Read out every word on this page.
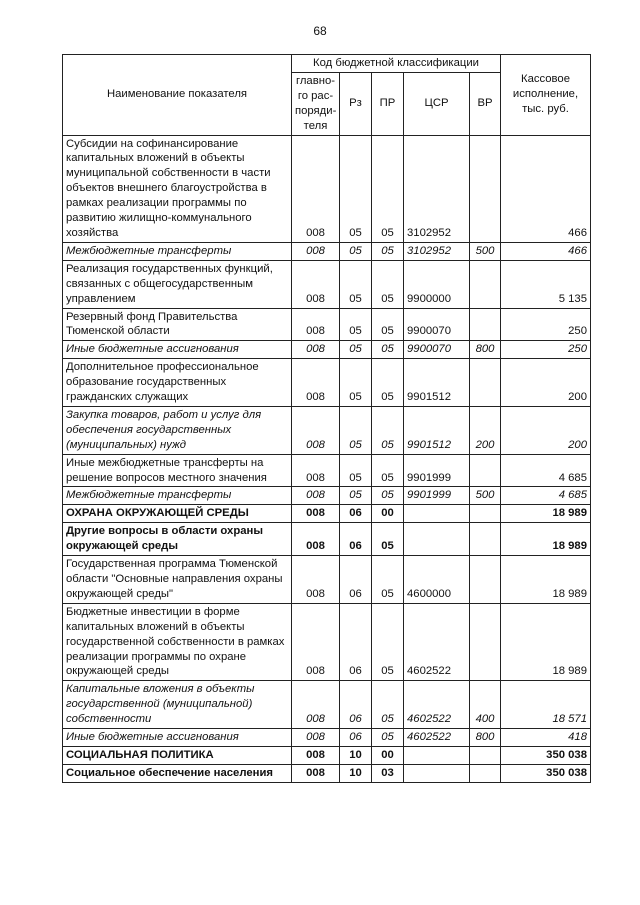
68
Наименование показателя	Код бюджетной классификации					Кассовое исполнение, тыс. руб.
	главно-го рас-поряди-теля	Рз	ПР	ЦСР	ВР	
Субсидии на софинансирование капитальных вложений в объекты муниципальной собственности в части объектов внешнего благоустройства в рамках реализации программы по развитию жилищно-коммунального хозяйства	008	05	05	3102952		466
Межбюджетные трансферты	008	05	05	3102952	500	466
Реализация государственных функций, связанных с общегосударственным управлением	008	05	05	9900000		5 135
Резервный фонд Правительства Тюменской области	008	05	05	9900070		250
Иные бюджетные ассигнования	008	05	05	9900070	800	250
Дополнительное профессиональное образование государственных гражданских служащих	008	05	05	9901512		200
Закупка товаров, работ и услуг для обеспечения государственных (муниципальных) нужд	008	05	05	9901512	200	200
Иные межбюджетные трансферты на решение вопросов местного значения	008	05	05	9901999		4 685
Межбюджетные трансферты	008	05	05	9901999	500	4 685
ОХРАНА ОКРУЖАЮЩЕЙ СРЕДЫ	008	06	00			18 989
Другие вопросы в области охраны окружающей среды	008	06	05			18 989
Государственная программа Тюменской области "Основные направления охраны окружающей среды"	008	06	05	4600000		18 989
Бюджетные инвестиции в форме капитальных вложений в объекты государственной собственности в рамках реализации программы по охране окружающей среды	008	06	05	4602522		18 989
Капитальные вложения в объекты государственной (муниципальной) собственности	008	06	05	4602522	400	18 571
Иные бюджетные ассигнования	008	06	05	4602522	800	418
СОЦИАЛЬНАЯ ПОЛИТИКА	008	10	00			350 038
Социальное обеспечение населения	008	10	03			350 038
